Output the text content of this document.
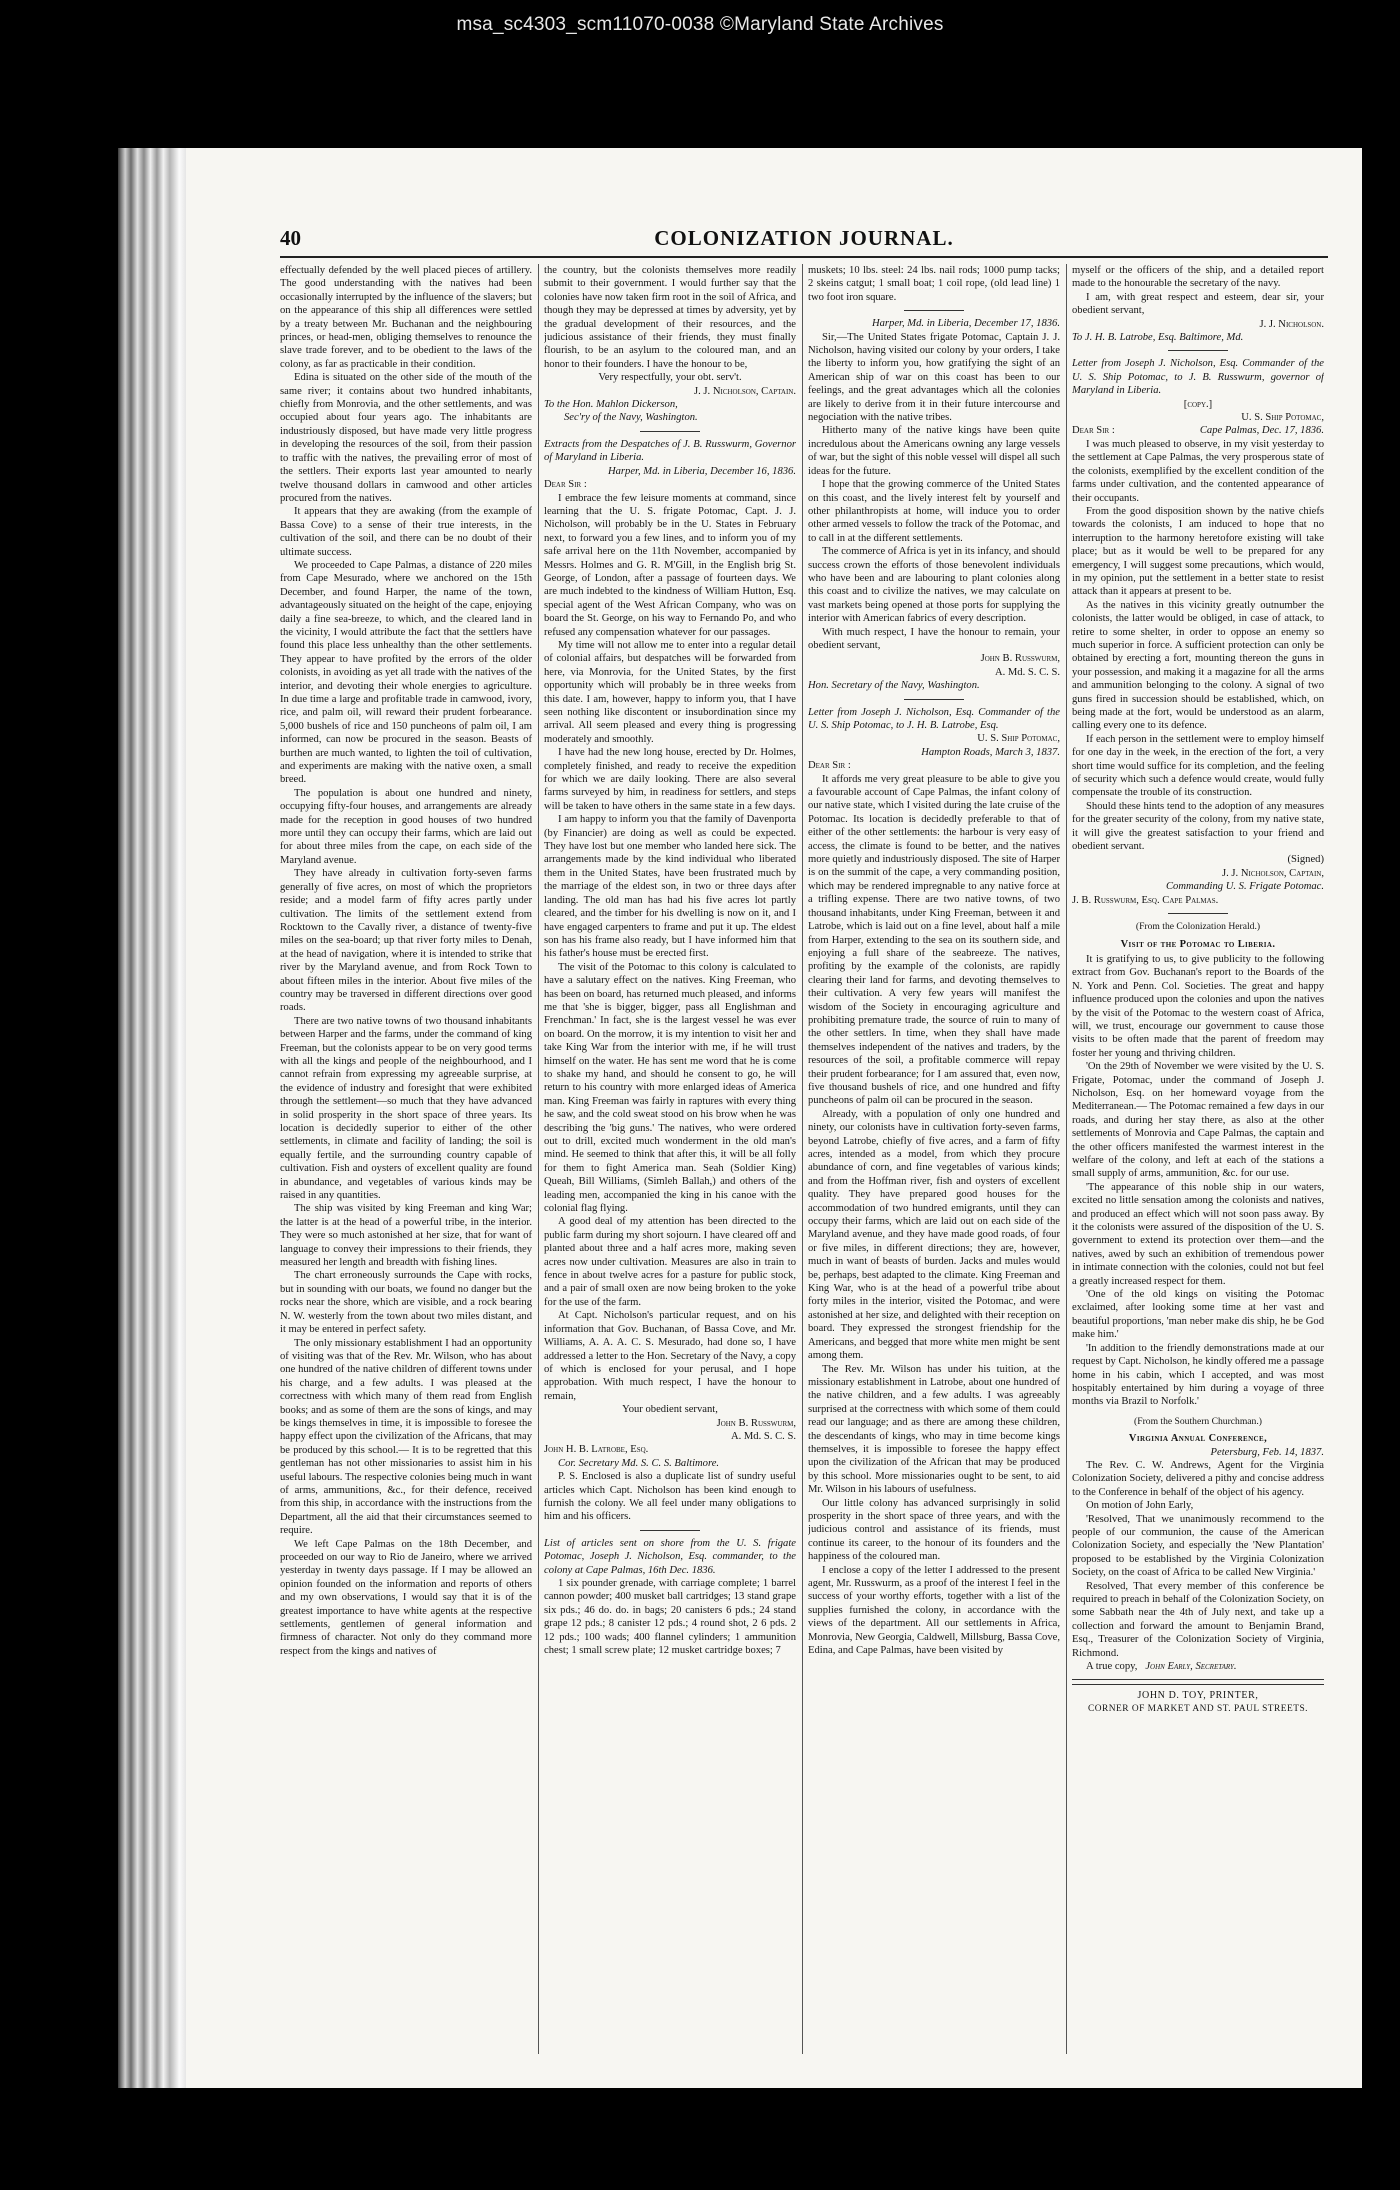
msa_sc4303_scm11070-0038 ©Maryland State Archives
40	COLONIZATION JOURNAL.

effectually defended by the well placed pieces of artillery. The good understanding with the natives had been occasionally interrupted by the influence of the slavers; but on the appearance of this ship all differences were settled by a treaty between Mr. Buchanan and the neighbouring princes, or head-men, obliging themselves to renounce the slave trade forever, and to be obedient to the laws of the colony, as far as practicable in their condition.

Edina is situated on the other side of the mouth of the same river; it contains about two hundred inhabitants, chiefly from Monrovia, and the other settlements, and was occupied about four years ago. The inhabitants are industriously disposed, but have made very little progress in developing the resources of the soil, from their passion to traffic with the natives, the prevailing error of most of the settlers. Their exports last year amounted to nearly twelve thousand dollars in camwood and other articles procured from the natives.

It appears that they are awaking (from the example of Bassa Cove) to a sense of their true interests, in the cultivation of the soil, and there can be no doubt of their ultimate success.

We proceeded to Cape Palmas, a distance of 220 miles from Cape Mesurado, where we anchored on the 15th December, and found Harper, the name of the town, advantageously situated on the height of the cape, enjoying daily a fine sea-breeze, to which, and the cleared land in the vicinity, I would attribute the fact that the settlers have found this place less unhealthy than the other settlements. They appear to have profited by the errors of the older colonists, in avoiding as yet all trade with the natives of the interior, and devoting their whole energies to agriculture. In due time a large and profitable trade in camwood, ivory, rice, and palm oil, will reward their prudent forbearance. 5,000 bushels of rice and 150 puncheons of palm oil, I am informed, can now be procured in the season. Beasts of burthen are much wanted, to lighten the toil of cultivation, and experiments are making with the native oxen, a small breed.

The population is about one hundred and ninety, occupying fifty-four houses, and arrangements are already made for the reception in good houses of two hundred more until they can occupy their farms, which are laid out for about three miles from the cape, on each side of the Maryland avenue.

They have already in cultivation forty-seven farms generally of five acres, on most of which the proprietors reside; and a model farm of fifty acres partly under cultivation. The limits of the settlement extend from Rocktown to the Cavally river, a distance of twenty-five miles on the sea-board; up that river forty miles to Denah, at the head of navigation, where it is intended to strike that river by the Maryland avenue, and from Rock Town to about fifteen miles in the interior. About five miles of the country may be traversed in different directions over good roads.

There are two native towns of two thousand inhabitants between Harper and the farms, under the command of king Freeman, but the colonists appear to be on very good terms with all the kings and people of the neighbourhood, and I cannot refrain from expressing my agreeable surprise, at the evidence of industry and foresight that were exhibited through the settlement—so much that they have advanced in solid prosperity in the short space of three years. Its location is decidedly superior to either of the other settlements, in climate and facility of landing; the soil is equally fertile, and the surrounding country capable of cultivation. Fish and oysters of excellent quality are found in abundance, and vegetables of various kinds may be raised in any quantities.

The ship was visited by king Freeman and king War; the latter is at the head of a powerful tribe, in the interior. They were so much astonished at her size, that for want of language to convey their impressions to their friends, they measured her length and breadth with fishing lines.

The chart erroneously surrounds the Cape with rocks, but in sounding with our boats, we found no danger but the rocks near the shore, which are visible, and a rock bearing N. W. westerly from the town about two miles distant, and it may be entered in perfect safety.

The only missionary establishment I had an opportunity of visiting was that of the Rev. Mr. Wilson, who has about one hundred of the native children of different towns under his charge, and a few adults. I was pleased at the correctness with which many of them read from English books; and as some of them are the sons of kings, and may be kings themselves in time, it is impossible to foresee the happy effect upon the civilization of the Africans, that may be produced by this school.— It is to be regretted that this gentleman has not other missionaries to assist him in his useful labours. The respective colonies being much in want of arms, ammunitions, &c., for their defence, received from this ship, in accordance with the instructions from the Department, all the aid that their circumstances seemed to require.

We left Cape Palmas on the 18th December, and proceeded on our way to Rio de Janeiro, where we arrived yesterday in twenty days passage. If I may be allowed an opinion founded on the information and reports of others and my own observations, I would say that it is of the greatest importance to have white agents at the respective settlements, gentlemen of general information and firmness of character. Not only do they command more respect from the kings and natives of

the country, but the colonists themselves more readily submit to their government. I would further say that the colonies have now taken firm root in the soil of Africa, and though they may be depressed at times by adversity, yet by the gradual development of their resources, and the judicious assistance of their friends, they must finally flourish, to be an asylum to the coloured man, and an honor to their founders. I have the honour to be,

Very respectfully, your obt. serv't.

J. J. Nicholson, Captain.

To the Hon. Mahlon Dickerson,

Sec'ry of the Navy, Washington.

Extracts from the Despatches of J. B. Russwurm, Governor of Maryland in Liberia.

Harper, Md. in Liberia, December 16, 1836.

Dear Sir :

I embrace the few leisure moments at command, since learning that the U. S. frigate Potomac, Capt. J. J. Nicholson, will probably be in the U. States in February next, to forward you a few lines, and to inform you of my safe arrival here on the 11th November, accompanied by Messrs. Holmes and G. R. M'Gill, in the English brig St. George, of London, after a passage of fourteen days. We are much indebted to the kindness of William Hutton, Esq. special agent of the West African Company, who was on board the St. George, on his way to Fernando Po, and who refused any compensation whatever for our passages.

My time will not allow me to enter into a regular detail of colonial affairs, but despatches will be forwarded from here, via Monrovia, for the United States, by the first opportunity which will probably be in three weeks from this date. I am, however, happy to inform you, that I have seen nothing like discontent or insubordination since my arrival. All seem pleased and every thing is progressing moderately and smoothly.

I have had the new long house, erected by Dr. Holmes, completely finished, and ready to receive the expedition for which we are daily looking. There are also several farms surveyed by him, in readiness for settlers, and steps will be taken to have others in the same state in a few days.

I am happy to inform you that the family of Davenporta (by Financier) are doing as well as could be expected. They have lost but one member who landed here sick. The arrangements made by the kind individual who liberated them in the United States, have been frustrated much by the marriage of the eldest son, in two or three days after landing. The old man has had his five acres lot partly cleared, and the timber for his dwelling is now on it, and I have engaged carpenters to frame and put it up. The eldest son has his frame also ready, but I have informed him that his father's house must be erected first.

The visit of the Potomac to this colony is calculated to have a salutary effect on the natives. King Freeman, who has been on board, has returned much pleased, and informs me that 'she is bigger, bigger, pass all Englishman and Frenchman.' In fact, she is the largest vessel he was ever on board. On the morrow, it is my intention to visit her and take King War from the interior with me, if he will trust himself on the water. He has sent me word that he is come to shake my hand, and should he consent to go, he will return to his country with more enlarged ideas of America man. King Freeman was fairly in raptures with every thing he saw, and the cold sweat stood on his brow when he was describing the 'big guns.' The natives, who were ordered out to drill, excited much wonderment in the old man's mind. He seemed to think that after this, it will be all folly for them to fight America man. Seah (Soldier King) Queah, Bill Williams, (Simleh Ballah,) and others of the leading men, accompanied the king in his canoe with the colonial flag flying.

A good deal of my attention has been directed to the public farm during my short sojourn. I have cleared off and planted about three and a half acres more, making seven acres now under cultivation. Measures are also in train to fence in about twelve acres for a pasture for public stock, and a pair of small oxen are now being broken to the yoke for the use of the farm.

At Capt. Nicholson's particular request, and on his information that Gov. Buchanan, of Bassa Cove, and Mr. Williams, A. A. A. C. S. Mesurado, had done so, I have addressed a letter to the Hon. Secretary of the Navy, a copy of which is enclosed for your perusal, and I hope approbation. With much respect, I have the honour to remain,

Your obedient servant,

John B. Russwurm,

A. Md. S. C. S.

John H. B. Latrobe, Esq.

Cor. Secretary Md. S. C. S. Baltimore.

P. S. Enclosed is also a duplicate list of sundry useful articles which Capt. Nicholson has been kind enough to furnish the colony. We all feel under many obligations to him and his officers.

List of articles sent on shore from the U. S. frigate Potomac, Joseph J. Nicholson, Esq. commander, to the colony at Cape Palmas, 16th Dec. 1836.

1 six pounder grenade, with carriage complete; 1 barrel cannon powder; 400 musket ball cartridges; 13 stand grape six pds.; 46 do. do. in bags; 20 canisters 6 pds.; 24 stand grape 12 pds.; 8 canister 12 pds.; 4 round shot, 2 6 pds. 2 12 pds.; 100 wads; 400 flannel cylinders; 1 ammunition chest; 1 small screw plate; 12 musket cartridge boxes; 7

muskets; 10 lbs. steel: 24 lbs. nail rods; 1000 pump tacks; 2 skeins catgut; 1 small boat; 1 coil rope, (old lead line) 1 two foot iron square.

Harper, Md. in Liberia, December 17, 1836.

Sir,—The United States frigate Potomac, Captain J. J. Nicholson, having visited our colony by your orders, I take the liberty to inform you, how gratifying the sight of an American ship of war on this coast has been to our feelings, and the great advantages which all the colonies are likely to derive from it in their future intercourse and negociation with the native tribes.

Hitherto many of the native kings have been quite incredulous about the Americans owning any large vessels of war, but the sight of this noble vessel will dispel all such ideas for the future.

I hope that the growing commerce of the United States on this coast, and the lively interest felt by yourself and other philanthropists at home, will induce you to order other armed vessels to follow the track of the Potomac, and to call in at the different settlements.

The commerce of Africa is yet in its infancy, and should success crown the efforts of those benevolent individuals who have been and are labouring to plant colonies along this coast and to civilize the natives, we may calculate on vast markets being opened at those ports for supplying the interior with American fabrics of every description.

With much respect, I have the honour to remain, your obedient servant,

John B. Russwurm,

A. Md. S. C. S.

Hon. Secretary of the Navy, Washington.

Letter from Joseph J. Nicholson, Esq. Commander of the U. S. Ship Potomac, to J. H. B. Latrobe, Esq.

U. S. Ship Potomac,

Hampton Roads, March 3, 1837.

Dear Sir :

It affords me very great pleasure to be able to give you a favourable account of Cape Palmas, the infant colony of our native state, which I visited during the late cruise of the Potomac. Its location is decidedly preferable to that of either of the other settlements: the harbour is very easy of access, the climate is found to be better, and the natives more quietly and industriously disposed. The site of Harper is on the summit of the cape, a very commanding position, which may be rendered impregnable to any native force at a trifling expense. There are two native towns, of two thousand inhabitants, under King Freeman, between it and Latrobe, which is laid out on a fine level, about half a mile from Harper, extending to the sea on its southern side, and enjoying a full share of the seabreeze. The natives, profiting by the example of the colonists, are rapidly clearing their land for farms, and devoting themselves to their cultivation. A very few years will manifest the wisdom of the Society in encouraging agriculture and prohibiting premature trade, the source of ruin to many of the other settlers. In time, when they shall have made themselves independent of the natives and traders, by the resources of the soil, a profitable commerce will repay their prudent forbearance; for I am assured that, even now, five thousand bushels of rice, and one hundred and fifty puncheons of palm oil can be procured in the season.

Already, with a population of only one hundred and ninety, our colonists have in cultivation forty-seven farms, beyond Latrobe, chiefly of five acres, and a farm of fifty acres, intended as a model, from which they procure abundance of corn, and fine vegetables of various kinds; and from the Hoffman river, fish and oysters of excellent quality. They have prepared good houses for the accommodation of two hundred emigrants, until they can occupy their farms, which are laid out on each side of the Maryland avenue, and they have made good roads, of four or five miles, in different directions; they are, however, much in want of beasts of burden. Jacks and mules would be, perhaps, best adapted to the climate. King Freeman and King War, who is at the head of a powerful tribe about forty miles in the interior, visited the Potomac, and were astonished at her size, and delighted with their reception on board. They expressed the strongest friendship for the Americans, and begged that more white men might be sent among them.

The Rev. Mr. Wilson has under his tuition, at the missionary establishment in Latrobe, about one hundred of the native children, and a few adults. I was agreeably surprised at the correctness with which some of them could read our language; and as there are among these children, the descendants of kings, who may in time become kings themselves, it is impossible to foresee the happy effect upon the civilization of the African that may be produced by this school. More missionaries ought to be sent, to aid Mr. Wilson in his labours of usefulness.

Our little colony has advanced surprisingly in solid prosperity in the short space of three years, and with the judicious control and assistance of its friends, must continue its career, to the honour of its founders and the happiness of the coloured man.

I enclose a copy of the letter I addressed to the present agent, Mr. Russwurm, as a proof of the interest I feel in the success of your worthy efforts, together with a list of the supplies furnished the colony, in accordance with the views of the department. All our settlements in Africa, Monrovia, New Georgia, Caldwell, Millsburg, Bassa Cove, Edina, and Cape Palmas, have been visited by

myself or the officers of the ship, and a detailed report made to the honourable the secretary of the navy.

I am, with great respect and esteem, dear sir, your obedient servant,

J. J. Nicholson.

To J. H. B. Latrobe, Esq. Baltimore, Md.

Letter from Joseph J. Nicholson, Esq. Commander of the U. S. Ship Potomac, to J. B. Russwurm, governor of Maryland in Liberia.

[copy.]

U. S. Ship Potomac,

Dear Sir :	Cape Palmas, Dec. 17, 1836.

I was much pleased to observe, in my visit yesterday to the settlement at Cape Palmas, the very prosperous state of the colonists, exemplified by the excellent condition of the farms under cultivation, and the contented appearance of their occupants.

From the good disposition shown by the native chiefs towards the colonists, I am induced to hope that no interruption to the harmony heretofore existing will take place; but as it would be well to be prepared for any emergency, I will suggest some precautions, which would, in my opinion, put the settlement in a better state to resist attack than it appears at present to be.

As the natives in this vicinity greatly outnumber the colonists, the latter would be obliged, in case of attack, to retire to some shelter, in order to oppose an enemy so much superior in force. A sufficient protection can only be obtained by erecting a fort, mounting thereon the guns in your possession, and making it a magazine for all the arms and ammunition belonging to the colony. A signal of two guns fired in succession should be established, which, on being made at the fort, would be understood as an alarm, calling every one to its defence.

If each person in the settlement were to employ himself for one day in the week, in the erection of the fort, a very short time would suffice for its completion, and the feeling of security which such a defence would create, would fully compensate the trouble of its construction.

Should these hints tend to the adoption of any measures for the greater security of the colony, from my native state, it will give the greatest satisfaction to your friend and obedient servant.

(Signed)

J. J. Nicholson, Captain,

Commanding U. S. Frigate Potomac.

J. B. Russwurm, Esq. Cape Palmas.

(From the Colonization Herald.)

Visit of the Potomac to Liberia.

It is gratifying to us, to give publicity to the following extract from Gov. Buchanan's report to the Boards of the N. York and Penn. Col. Societies. The great and happy influence produced upon the colonies and upon the natives by the visit of the Potomac to the western coast of Africa, will, we trust, encourage our government to cause those visits to be often made that the parent of freedom may foster her young and thriving children.

'On the 29th of November we were visited by the U. S. Frigate, Potomac, under the command of Joseph J. Nicholson, Esq. on her homeward voyage from the Mediterranean.— The Potomac remained a few days in our roads, and during her stay there, as also at the other settlements of Monrovia and Cape Palmas, the captain and the other officers manifested the warmest interest in the welfare of the colony, and left at each of the stations a small supply of arms, ammunition, &c. for our use.

'The appearance of this noble ship in our waters, excited no little sensation among the colonists and natives, and produced an effect which will not soon pass away. By it the colonists were assured of the disposition of the U. S. government to extend its protection over them—and the natives, awed by such an exhibition of tremendous power in intimate connection with the colonies, could not but feel a greatly increased respect for them.

'One of the old kings on visiting the Potomac exclaimed, after looking some time at her vast and beautiful proportions, 'man neber make dis ship, he be God make him.'

'In addition to the friendly demonstrations made at our request by Capt. Nicholson, he kindly offered me a passage home in his cabin, which I accepted, and was most hospitably entertained by him during a voyage of three months via Brazil to Norfolk.'

(From the Southern Churchman.)

Virginia Annual Conference,

Petersburg, Feb. 14, 1837.

The Rev. C. W. Andrews, Agent for the Virginia Colonization Society, delivered a pithy and concise address to the Conference in behalf of the object of his agency.

On motion of John Early,

'Resolved, That we unanimously recommend to the people of our communion, the cause of the American Colonization Society, and especially the 'New Plantation' proposed to be established by the Virginia Colonization Society, on the coast of Africa to be called New Virginia.'

Resolved, That every member of this conference be required to preach in behalf of the Colonization Society, on some Sabbath near the 4th of July next, and take up a collection and forward the amount to Benjamin Brand, Esq., Treasurer of the Colonization Society of Virginia, Richmond.

A true copy, John Early, Secretary.

JOHN D. TOY, PRINTER,

CORNER OF MARKET AND ST. PAUL STREETS.
